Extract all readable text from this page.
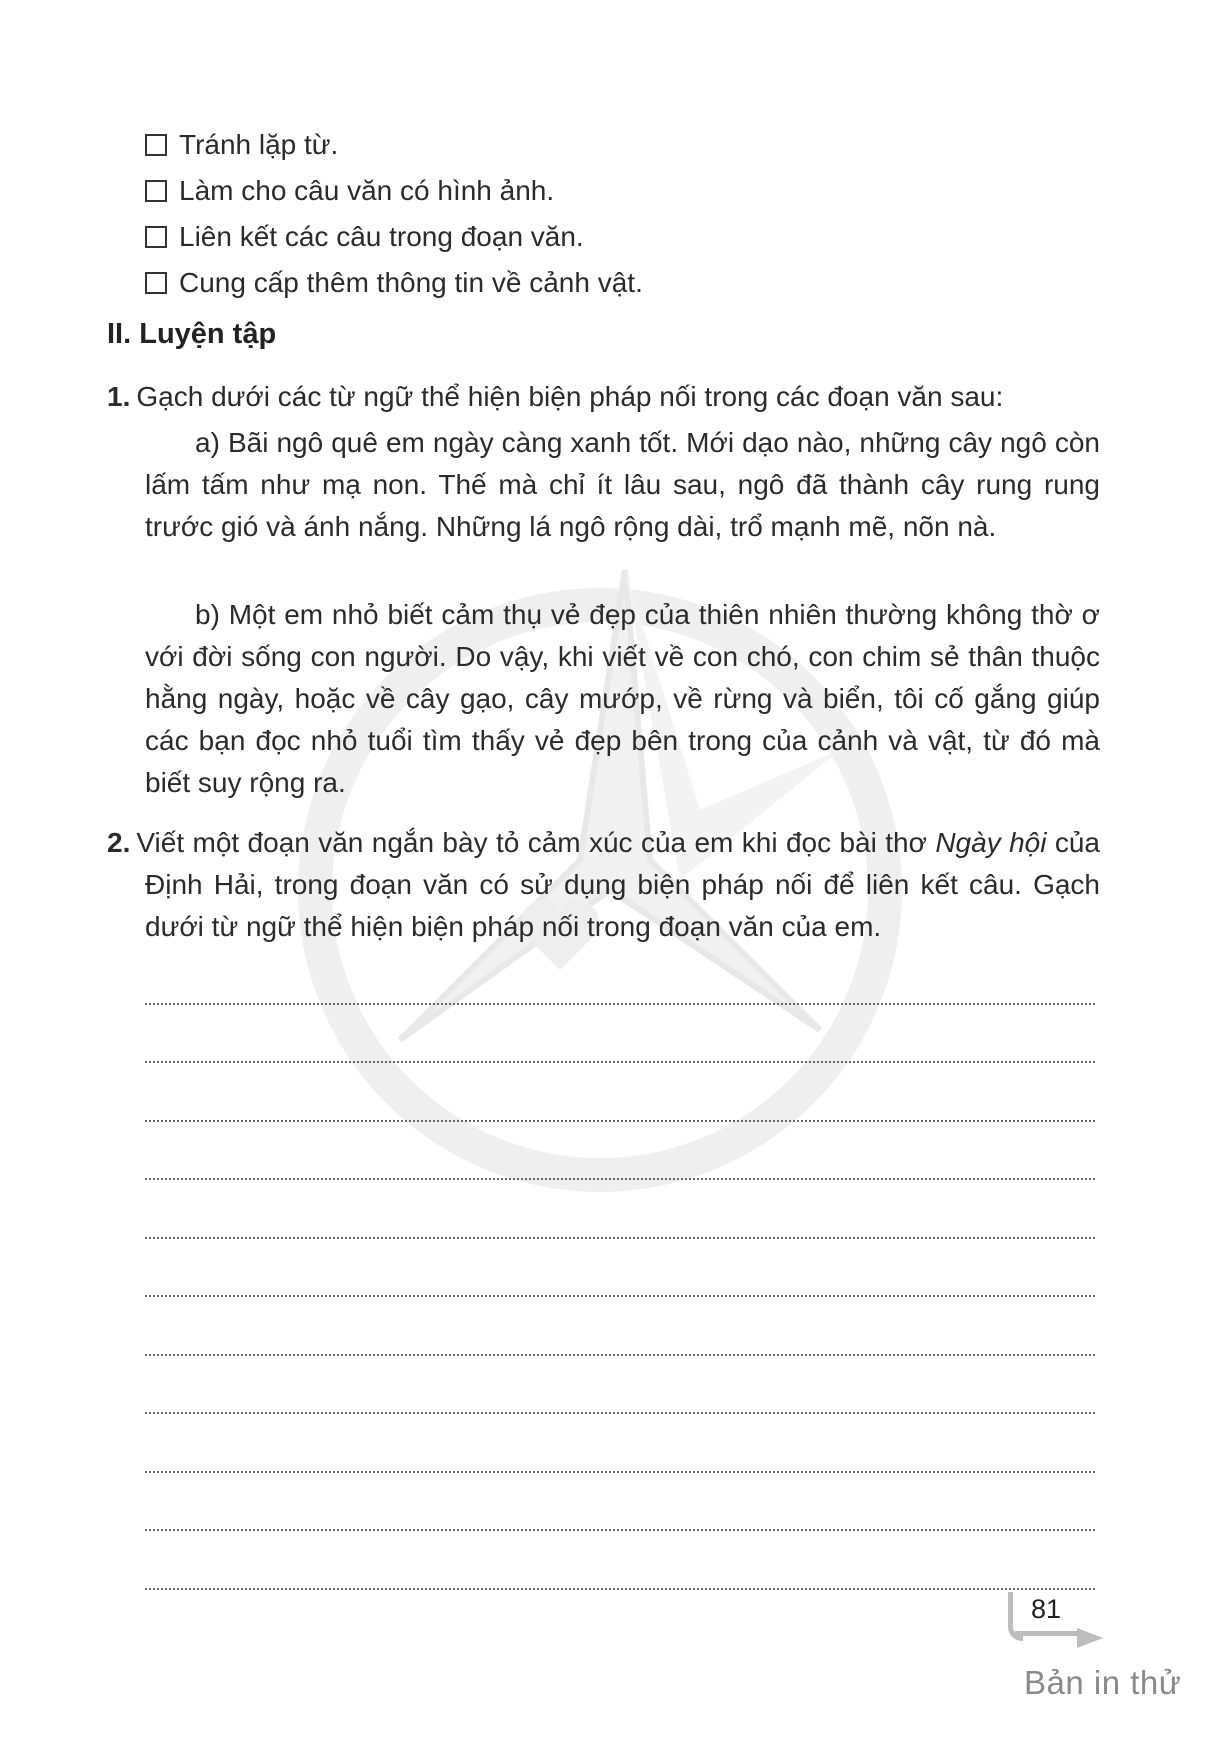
Tránh lặp từ.
Làm cho câu văn có hình ảnh.
Liên kết các câu trong đoạn văn.
Cung cấp thêm thông tin về cảnh vật.
II. Luyện tập

1. Gạch dưới các từ ngữ thể hiện biện pháp nối trong các đoạn văn sau:

a) Bãi ngô quê em ngày càng xanh tốt. Mới dạo nào, những cây ngô còn lấm tấm như mạ non. Thế mà chỉ ít lâu sau, ngô đã thành cây rung rung trước gió và ánh nắng. Những lá ngô rộng dài, trổ mạnh mẽ, nõn nà.

b) Một em nhỏ biết cảm thụ vẻ đẹp của thiên nhiên thường không thờ ơ với đời sống con người. Do vậy, khi viết về con chó, con chim sẻ thân thuộc hằng ngày, hoặc về cây gạo, cây mướp, về rừng và biển, tôi cố gắng giúp các bạn đọc nhỏ tuổi tìm thấy vẻ đẹp bên trong của cảnh và vật, từ đó mà biết suy rộng ra.

2. Viết một đoạn văn ngắn bày tỏ cảm xúc của em khi đọc bài thơ Ngày hội của Định Hải, trong đoạn văn có sử dụng biện pháp nối để liên kết câu. Gạch dưới từ ngữ thể hiện biện pháp nối trong đoạn văn của em.

81
Bản in thử
